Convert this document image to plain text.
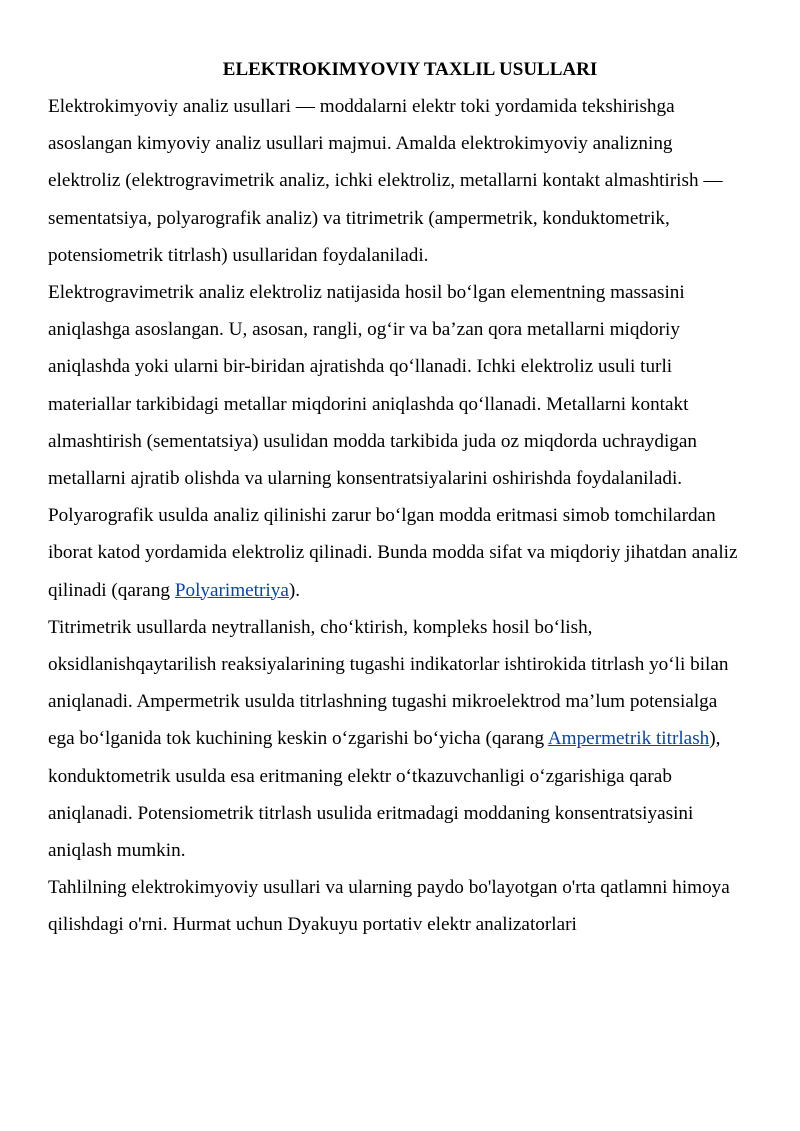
ELEKTROKIMYOVIY TAXLIL USULLARI

Elektrokimyoviy analiz usullari — moddalarni elektr toki yordamida tekshirishga asoslangan kimyoviy analiz usullari majmui. Amalda elektrokimyoviy analizning elektroliz (elektrogravimetrik analiz, ichki elektroliz, metallarni kontakt almashtirish — sementatsiya, polyarografik analiz) va titrimetrik (ampermetrik, konduktometrik, potensiometrik titrlash) usullaridan foydalaniladi.

Elektrogravimetrik analiz elektroliz natijasida hosil bo‘lgan elementning massasini aniqlashga asoslangan. U, asosan, rangli, og‘ir va ba’zan qora metallarni miqdoriy aniqlashda yoki ularni bir-biridan ajratishda qo‘llanadi. Ichki elektroliz usuli turli materiallar tarkibidagi metallar miqdorini aniqlashda qo‘llanadi. Metallarni kontakt almashtirish (sementatsiya) usulidan modda tarkibida juda oz miqdorda uchraydigan metallarni ajratib olishda va ularning konsentratsiyalarini oshirishda foydalaniladi. Polyarografik usulda analiz qilinishi zarur bo‘lgan modda eritmasi simob tomchilardan iborat katod yordamida elektroliz qilinadi. Bunda modda sifat va miqdoriy jihatdan analiz qilinadi (qarang Polyarimetriya).

Titrimetrik usullarda neytrallanish, cho‘ktirish, kompleks hosil bo‘lish, oksidlanishqaytarilish reaksiyalarining tugashi indikatorlar ishtirokida titrlash yo‘li bilan aniqlanadi. Ampermetrik usulda titrlashning tugashi mikroelektrod ma’lum potensialga ega bo‘lganida tok kuchining keskin o‘zgarishi bo‘yicha (qarang Ampermetrik titrlash), konduktometrik usulda esa eritmaning elektr o‘tkazuvchanligi o‘zgarishiga qarab aniqlanadi. Potensiometrik titrlash usulida eritmadagi moddaning konsentratsiyasini aniqlash mumkin.

Tahlilning elektrokimyoviy usullari va ularning paydo bo'layotgan o'rta qatlamni himoya qilishdagi o'rni. Hurmat uchun Dyakuyu portativ elektr analizatorlari
